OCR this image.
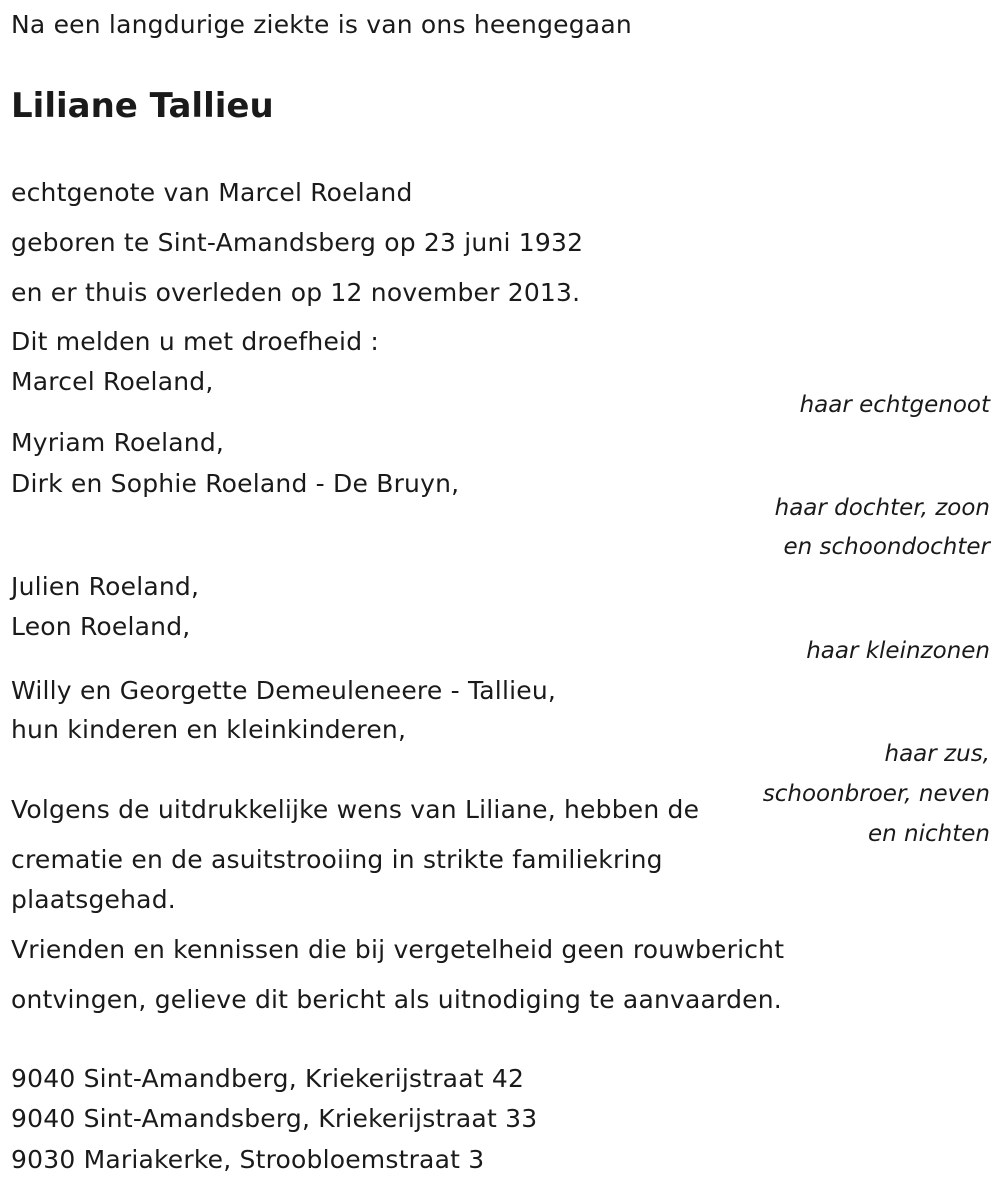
Na een langdurige ziekte is van ons heengegaan
Liliane Tallieu
echtgenote van Marcel Roeland
geboren te Sint-Amandsberg op 23 juni 1932
en er thuis overleden op 12 november 2013.
Dit melden u met droefheid :
Marcel Roeland,
haar echtgenoot
Myriam Roeland,
Dirk en Sophie Roeland - De Bruyn,
haar dochter, zoon
en schoondochter
Julien Roeland,
Leon Roeland,
haar kleinzonen
Willy en Georgette Demeuleneere - Tallieu,
hun kinderen en kleinkinderen,
haar zus,
schoonbroer, neven
en nichten
Volgens de uitdrukkelijke wens van Liliane, hebben de
crematie en de asuitstrooiing in strikte familiekring
plaatsgehad.
Vrienden en kennissen die bij vergetelheid geen rouwbericht
ontvingen, gelieve dit bericht als uitnodiging te aanvaarden.
9040 Sint-Amandberg, Kriekerijstraat 42
9040 Sint-Amandsberg, Kriekerijstraat 33
9030 Mariakerke, Stroobloemstraat 3
